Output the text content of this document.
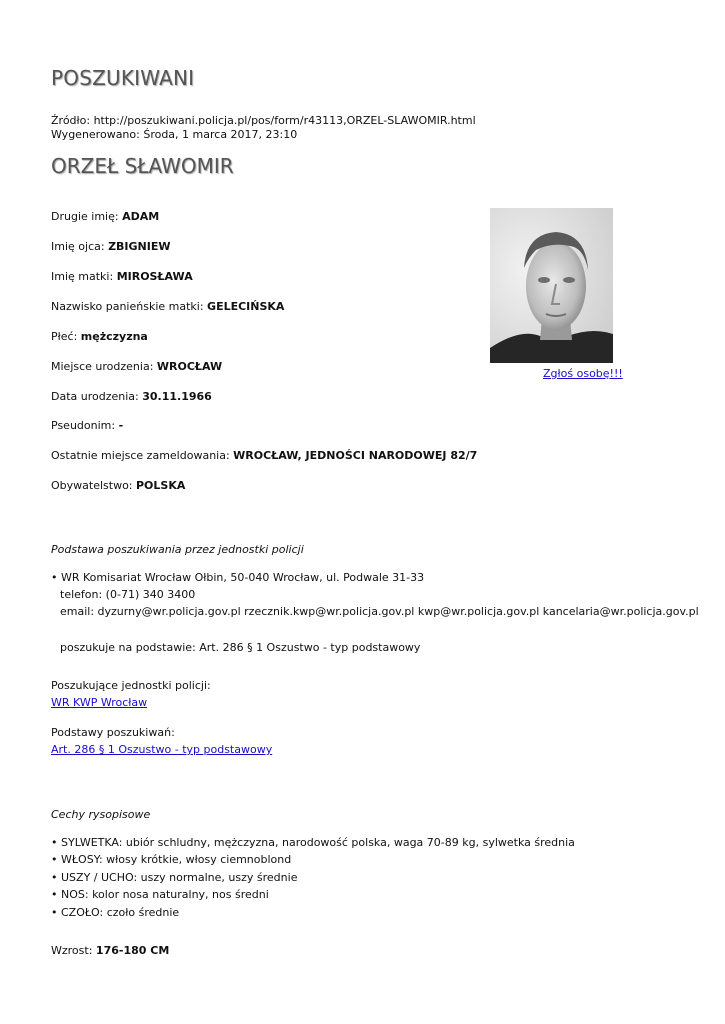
POSZUKIWANI
Źródło: http://poszukiwani.policja.pl/pos/form/r43113,ORZEL-SLAWOMIR.html
Wygenerowano: Środa, 1 marca 2017, 23:10
ORZEŁ SŁAWOMIR
Drugie imię: ADAM
Imię ojca: ZBIGNIEW
Imię matki: MIROSŁAWA
Nazwisko panieńskie matki: GELECIŃSKA
Płeć: mężczyzna
Miejsce urodzenia: WROCŁAW
Data urodzenia: 30.11.1966
Pseudonim: -
Ostatnie miejsce zameldowania: WROCŁAW, JEDNOŚCI NARODOWEJ 82/7
Obywatelstwo: POLSKA
Zgłoś osobę!!!
Podstawa poszukiwania przez jednostki policji
• WR Komisariat Wrocław Ołbin, 50-040 Wrocław, ul. Podwale 31-33
telefon: (0-71) 340 3400
email: dyzurny@wr.policja.gov.pl rzecznik.kwp@wr.policja.gov.pl kwp@wr.policja.gov.pl kancelaria@wr.policja.gov.pl
poszukuje na podstawie: Art. 286 § 1 Oszustwo - typ podstawowy
Poszukujące jednostki policji:
WR KWP Wrocław
Podstawy poszukiwań:
Art. 286 § 1 Oszustwo - typ podstawowy
Cechy rysopisowe
• SYLWETKA: ubiór schludny, mężczyzna, narodowość polska, waga 70-89 kg, sylwetka średnia
• WŁOSY: włosy krótkie, włosy ciemnoblond
• USZY / UCHO: uszy normalne, uszy średnie
• NOS: kolor nosa naturalny, nos średni
• CZOŁO: czoło średnie
Wzrost: 176-180 CM
